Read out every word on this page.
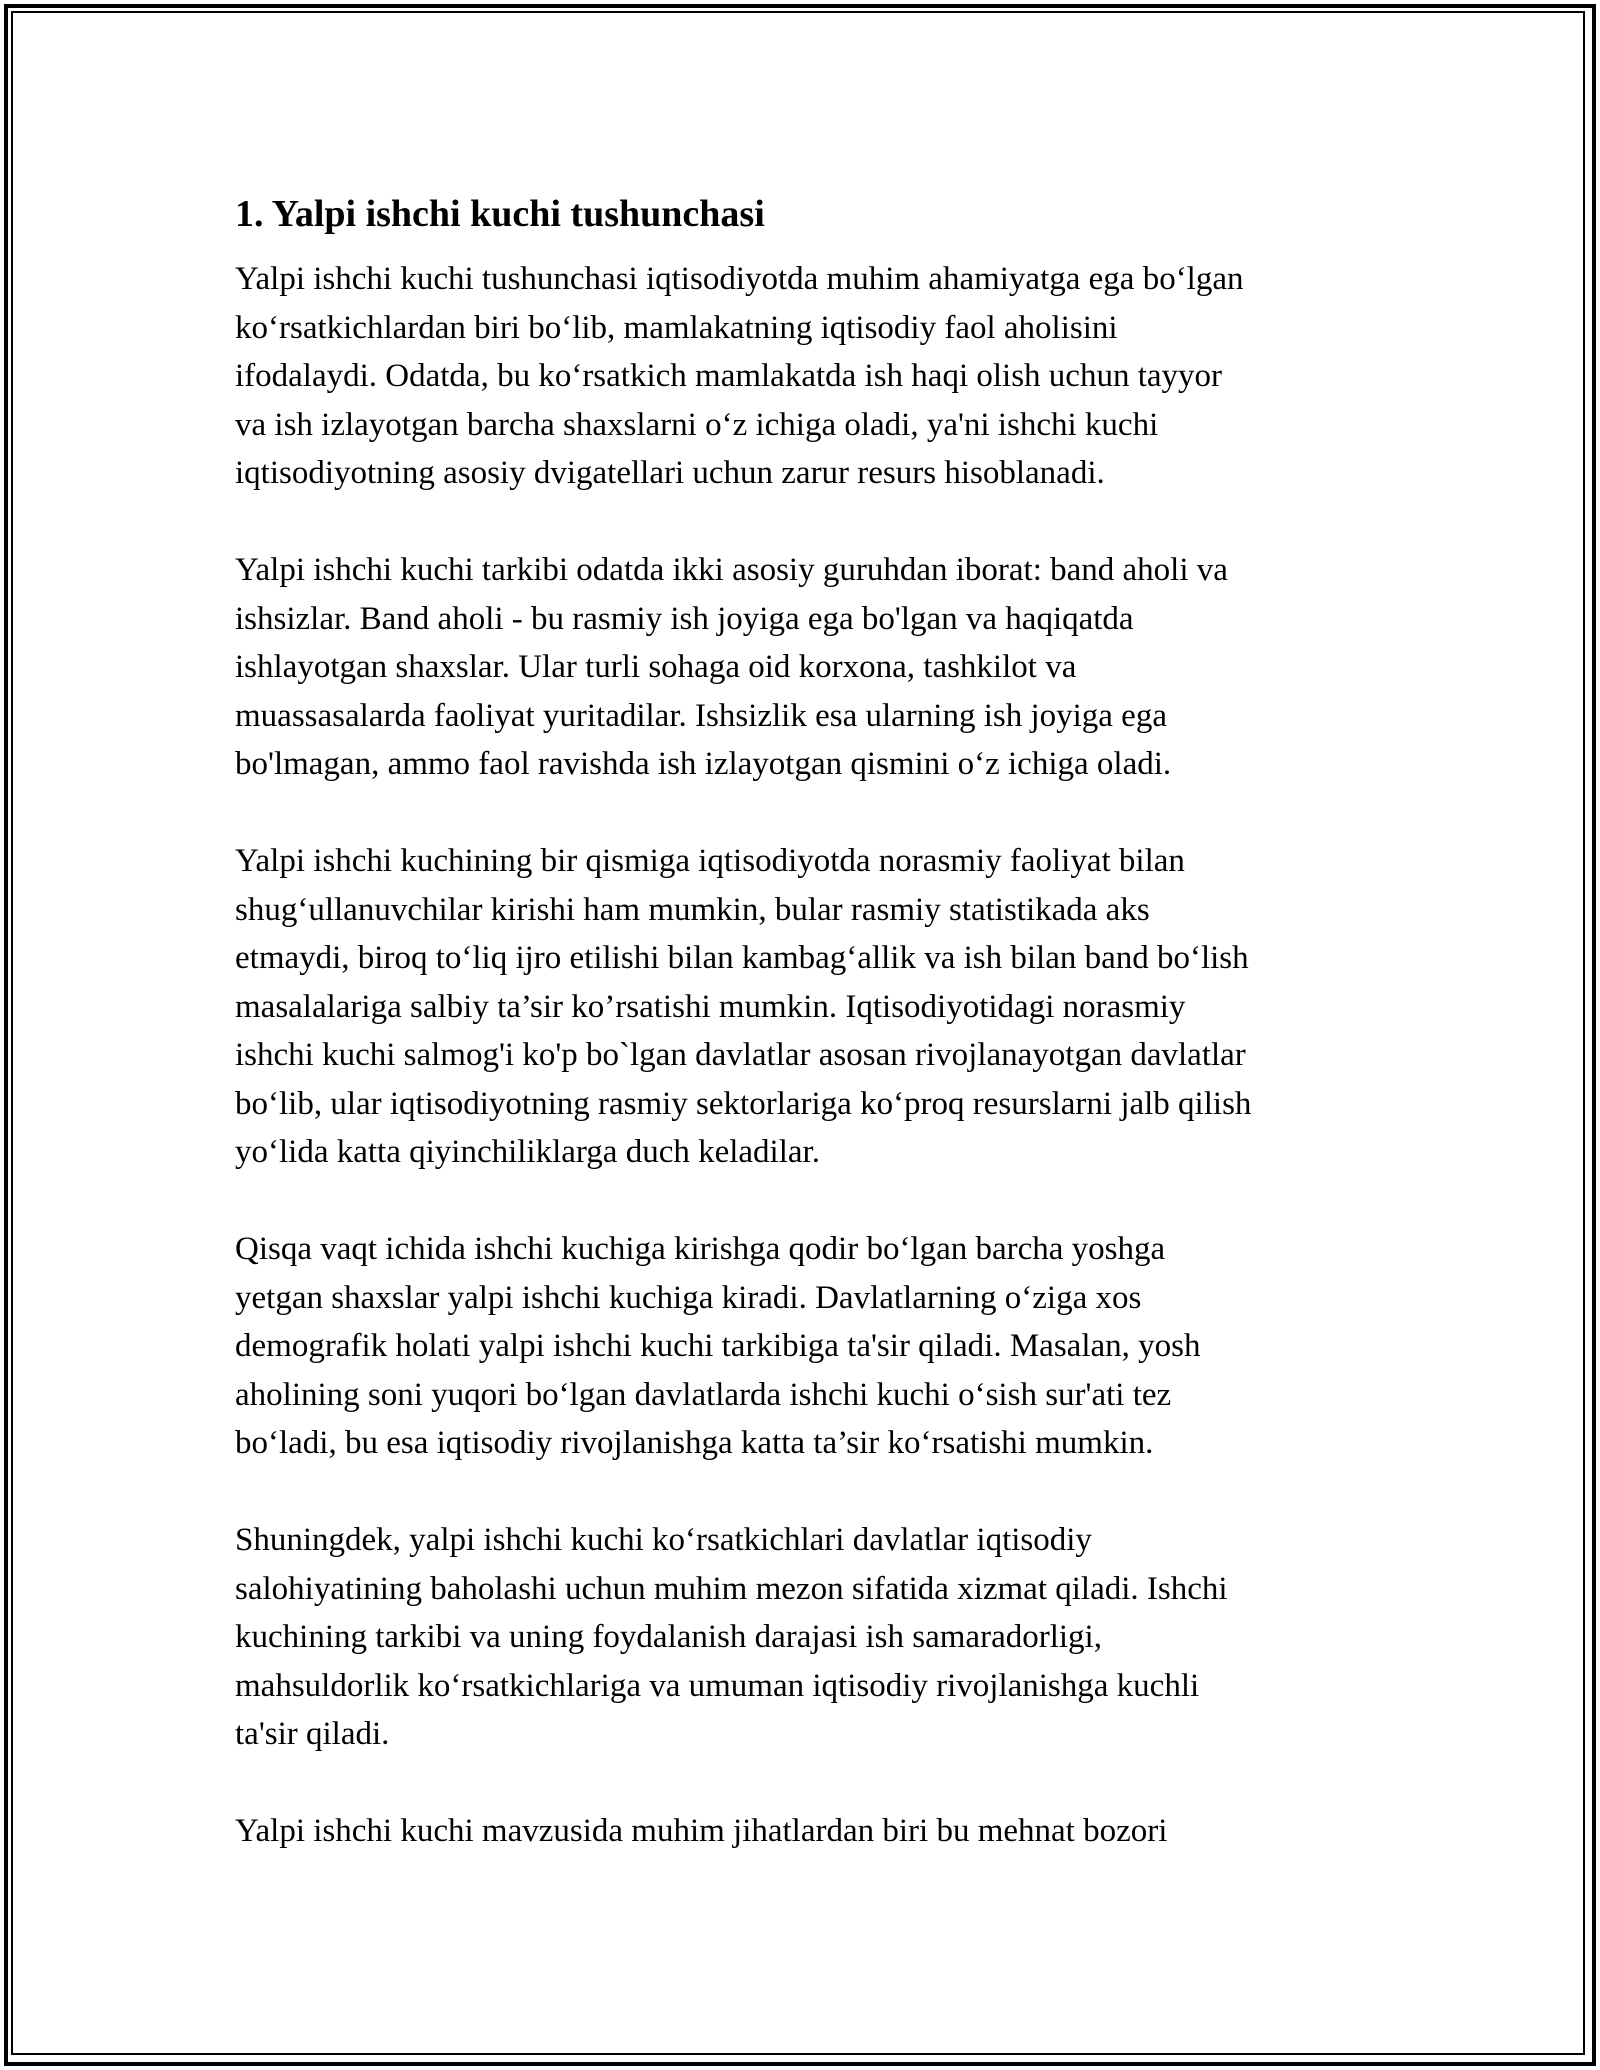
1. Yalpi ishchi kuchi tushunchasi
Yalpi ishchi kuchi tushunchasi iqtisodiyotda muhim ahamiyatga ega bo‘lgan
ko‘rsatkichlardan biri bo‘lib, mamlakatning iqtisodiy faol aholisini
ifodalaydi. Odatda, bu ko‘rsatkich mamlakatda ish haqi olish uchun tayyor
va ish izlayotgan barcha shaxslarni o‘z ichiga oladi, ya'ni ishchi kuchi
iqtisodiyotning asosiy dvigatellari uchun zarur resurs hisoblanadi.
Yalpi ishchi kuchi tarkibi odatda ikki asosiy guruhdan iborat: band aholi va
ishsizlar. Band aholi - bu rasmiy ish joyiga ega bo'lgan va haqiqatda
ishlayotgan shaxslar. Ular turli sohaga oid korxona, tashkilot va
muassasalarda faoliyat yuritadilar. Ishsizlik esa ularning ish joyiga ega
bo'lmagan, ammo faol ravishda ish izlayotgan qismini o‘z ichiga oladi.
Yalpi ishchi kuchining bir qismiga iqtisodiyotda norasmiy faoliyat bilan
shug‘ullanuvchilar kirishi ham mumkin, bular rasmiy statistikada aks
etmaydi, biroq to‘liq ijro etilishi bilan kambag‘allik va ish bilan band bo‘lish
masalalariga salbiy ta’sir ko’rsatishi mumkin. Iqtisodiyotidagi norasmiy
ishchi kuchi salmog'i ko'p bo`lgan davlatlar asosan rivojlanayotgan davlatlar
bo‘lib, ular iqtisodiyotning rasmiy sektorlariga ko‘proq resurslarni jalb qilish
yo‘lida katta qiyinchiliklarga duch keladilar.
Qisqa vaqt ichida ishchi kuchiga kirishga qodir bo‘lgan barcha yoshga
yetgan shaxslar yalpi ishchi kuchiga kiradi. Davlatlarning o‘ziga xos
demografik holati yalpi ishchi kuchi tarkibiga ta'sir qiladi. Masalan, yosh
aholining soni yuqori bo‘lgan davlatlarda ishchi kuchi o‘sish sur'ati tez
bo‘ladi, bu esa iqtisodiy rivojlanishga katta ta’sir ko‘rsatishi mumkin.
Shuningdek, yalpi ishchi kuchi ko‘rsatkichlari davlatlar iqtisodiy
salohiyatining baholashi uchun muhim mezon sifatida xizmat qiladi. Ishchi
kuchining tarkibi va uning foydalanish darajasi ish samaradorligi,
mahsuldorlik ko‘rsatkichlariga va umuman iqtisodiy rivojlanishga kuchli
ta'sir qiladi.
Yalpi ishchi kuchi mavzusida muhim jihatlardan biri bu mehnat bozori
